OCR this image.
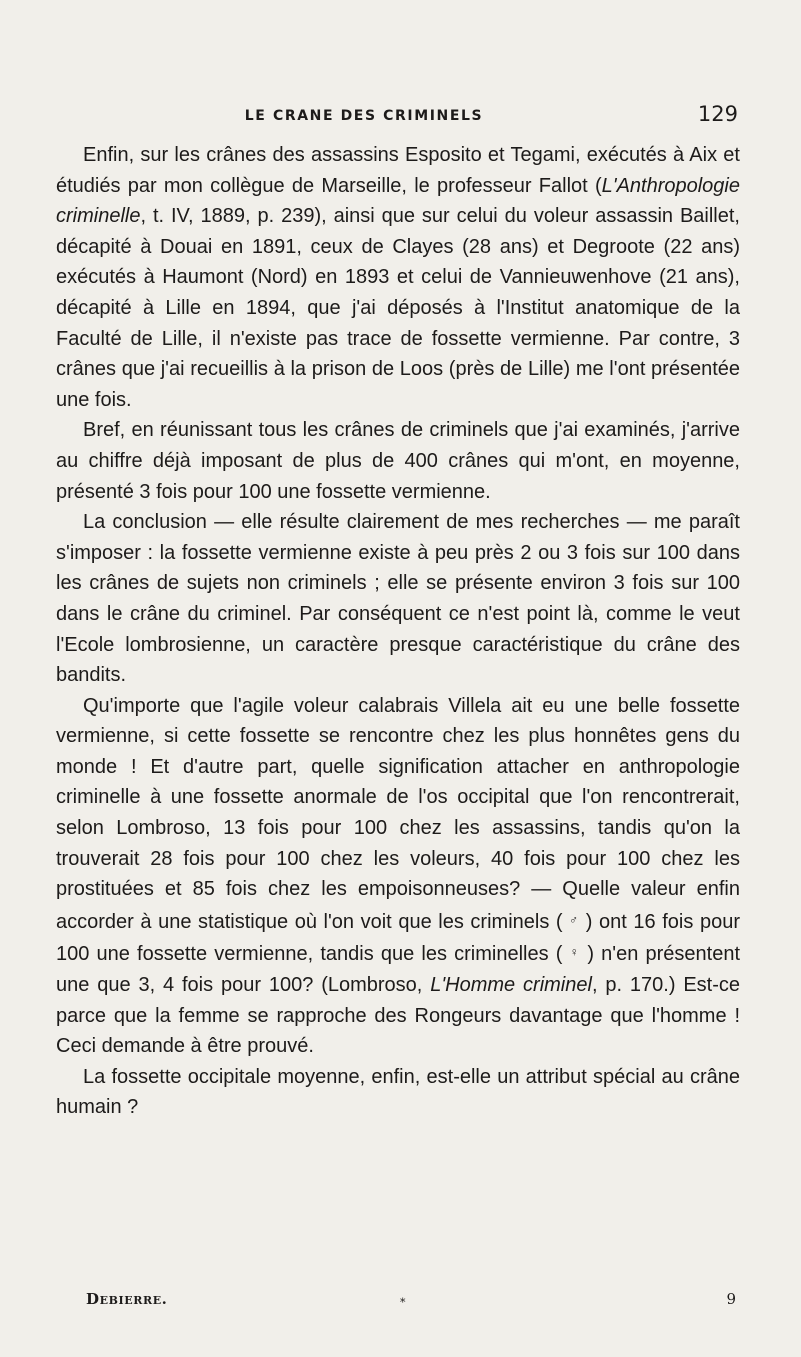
LE CRANE DES CRIMINELS	129

Enfin, sur les crânes des assassins Esposito et Tegami, exécutés à Aix et étudiés par mon collègue de Marseille, le professeur Fallot (L'Anthropologie criminelle, t. IV, 1889, p. 239), ainsi que sur celui du voleur assassin Baillet, décapité à Douai en 1891, ceux de Clayes (28 ans) et Degroote (22 ans) exécutés à Haumont (Nord) en 1893 et celui de Vannieuwenhove (21 ans), décapité à Lille en 1894, que j'ai déposés à l'Institut anatomique de la Faculté de Lille, il n'existe pas trace de fossette vermienne. Par contre, 3 crânes que j'ai recueillis à la prison de Loos (près de Lille) me l'ont présentée une fois.

Bref, en réunissant tous les crânes de criminels que j'ai examinés, j'arrive au chiffre déjà imposant de plus de 400 crânes qui m'ont, en moyenne, présenté 3 fois pour 100 une fossette vermienne.

La conclusion — elle résulte clairement de mes recherches — me paraît s'imposer : la fossette vermienne existe à peu près 2 ou 3 fois sur 100 dans les crânes de sujets non criminels ; elle se présente environ 3 fois sur 100 dans le crâne du criminel. Par conséquent ce n'est point là, comme le veut l'Ecole lombrosienne, un caractère presque caractéristique du crâne des bandits.

Qu'importe que l'agile voleur calabrais Villela ait eu une belle fossette vermienne, si cette fossette se rencontre chez les plus honnêtes gens du monde ! Et d'autre part, quelle signification attacher en anthropologie criminelle à une fossette anormale de l'os occipital que l'on rencontrerait, selon Lombroso, 13 fois pour 100 chez les assassins, tandis qu'on la trouverait 28 fois pour 100 chez les voleurs, 40 fois pour 100 chez les prostituées et 85 fois chez les empoisonneuses? — Quelle valeur enfin accorder à une statistique où l'on voit que les criminels ( ♂ ) ont 16 fois pour 100 une fossette vermienne, tandis que les criminelles ( ♀ ) n'en présentent une que 3, 4 fois pour 100? (Lombroso, L'Homme criminel, p. 170.) Est-ce parce que la femme se rapproche des Rongeurs davantage que l'homme ! Ceci demande à être prouvé.

La fossette occipitale moyenne, enfin, est-elle un attribut spécial au crâne humain ?

Debierre.	*	9
